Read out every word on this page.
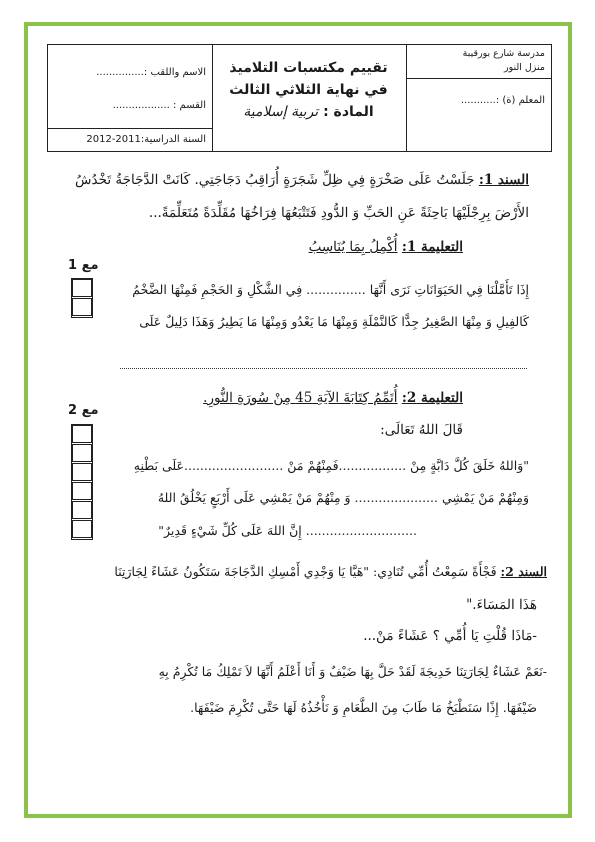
مدرسة شارع بورقيبة
منزل النور
المعلم (ة) :...........
تقييم مكتسبات التلاميذ
في نهاية الثلاثي الثالث
المادة : تربية إسلامية
الاسم واللقب :...............
القسم : ..................
السنة الدراسية:2011-2012
السند 1: جَلَسْتُ عَلَى صَخْرَةٍ فِي ظِلِّ شَجَرَةٍ أُرَاقِبُ دَجَاجَتِي. كَانَتْ الدَّجَاجَةُ تَخْدُشُ
الأَرْضَ بِرِجْلَيْهَا بَاحِثَةً عَنِ الحَبِّ وَ الدُّودِ فَتَتْبَعُهَا فِرَاخُهَا مُقَلِّدَةً مُتَعَلِّمَةً...
التعليمة 1: أُكْمِلُ بِمَا يُنَاسِبُ
إِذَا تَأَمَّلْنَا فِي الحَيَوَانَاتِ نَرَى أَنَّهَا ............... فِي الشَّكْلِ وَ الحَجْمِ فَمِنْهَا الضَّخْمُ
كَالفِيلِ وَ مِنْهَا الصَّغِيرُ جِدًّا كَالنَّمْلَةِ وَمِنْهَا مَا يَعْدُو وَمِنْهَا مَا يَطِيرُ وَهَذَا دَلِيلٌ عَلَى
مع 1
التعليمة 2: أُتَمِّمُ كِتَابَةَ الآيَةِ 45 مِنْ سُورَةِ النُّورِ.
قَالَ اللهُ تَعَالَى:
"وَاللهُ خَلَقَ كُلَّ دَابَّةٍ مِنْ .................فَمِنْهُمْ مَنْ .........................عَلَى بَطْنِهِ
وَمِنْهُمْ مَنْ يَمْشِي ..................... وَ مِنْهُمْ مَنْ يَمْشِي عَلَى أَرْبَعٍ يَخْلُقُ اللهُ
............................ إِنَّ اللهَ عَلَى كُلِّ شَيْءٍ قَدِيرٌ"
مع 2
السند 2: فَجْأَةً سَمِعْتُ أُمِّي تُنَادِي: "هَيَّا يَا وَجْدِي أَمْسِكِ الدَّجَاجَةَ سَتَكُونُ عَشَاءً لِجَارَتِنَا
هَذَا المَسَاءَ."
-مَاذَا قُلْتِ يَا أُمِّي ؟ عَشَاءً مَنْ...
-نَعَمْ عَشَاءٌ لِجَارَتِنَا خَدِيجَةَ لَقَدْ حَلَّ بِهَا ضَيْفٌ وَ أَنَا أَعْلَمُ أَنَّهَا لاَ تَمْلِكُ مَا تُكْرِمُ بِهِ
ضَيْفَهَا. إِذًا سَنَطْبَخُ مَا طَابَ مِنَ الطَّعَامِ وَ نَأْخُذُهُ لَهَا حَتَّى تُكْرِمَ ضَيْفَهَا.
